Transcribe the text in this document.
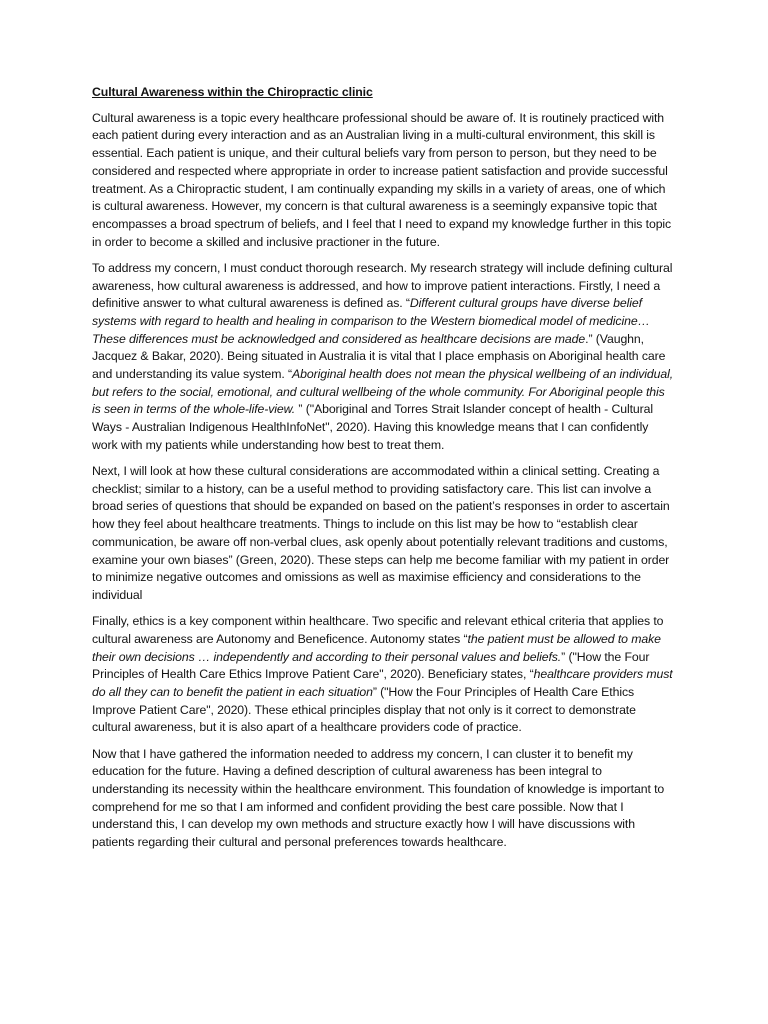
Cultural Awareness within the Chiropractic clinic

Cultural awareness is a topic every healthcare professional should be aware of. It is routinely practiced with each patient during every interaction and as an Australian living in a multi-cultural environment, this skill is essential. Each patient is unique, and their cultural beliefs vary from person to person, but they need to be considered and respected where appropriate in order to increase patient satisfaction and provide successful treatment. As a Chiropractic student, I am continually expanding my skills in a variety of areas, one of which is cultural awareness. However, my concern is that cultural awareness is a seemingly expansive topic that encompasses a broad spectrum of beliefs, and I feel that I need to expand my knowledge further in this topic in order to become a skilled and inclusive practioner in the future.

To address my concern, I must conduct thorough research. My research strategy will include defining cultural awareness, how cultural awareness is addressed, and how to improve patient interactions. Firstly, I need a definitive answer to what cultural awareness is defined as. “Different cultural groups have diverse belief systems with regard to health and healing in comparison to the Western biomedical model of medicine… These differences must be acknowledged and considered as healthcare decisions are made.” (Vaughn, Jacquez & Bakar, 2020). Being situated in Australia it is vital that I place emphasis on Aboriginal health care and understanding its value system. “Aboriginal health does not mean the physical wellbeing of an individual, but refers to the social, emotional, and cultural wellbeing of the whole community. For Aboriginal people this is seen in terms of the whole-life-view. ” ("Aboriginal and Torres Strait Islander concept of health - Cultural Ways - Australian Indigenous HealthInfoNet", 2020). Having this knowledge means that I can confidently work with my patients while understanding how best to treat them.

Next, I will look at how these cultural considerations are accommodated within a clinical setting. Creating a checklist; similar to a history, can be a useful method to providing satisfactory care. This list can involve a broad series of questions that should be expanded on based on the patient’s responses in order to ascertain how they feel about healthcare treatments. Things to include on this list may be how to “establish clear communication, be aware off non-verbal clues, ask openly about potentially relevant traditions and customs, examine your own biases” (Green, 2020). These steps can help me become familiar with my patient in order to minimize negative outcomes and omissions as well as maximise efficiency and considerations to the individual

Finally, ethics is a key component within healthcare. Two specific and relevant ethical criteria that applies to cultural awareness are Autonomy and Beneficence. Autonomy states “the patient must be allowed to make their own decisions … independently and according to their personal values and beliefs.” ("How the Four Principles of Health Care Ethics Improve Patient Care", 2020). Beneficiary states, “healthcare providers must do all they can to benefit the patient in each situation” ("How the Four Principles of Health Care Ethics Improve Patient Care", 2020). These ethical principles display that not only is it correct to demonstrate cultural awareness, but it is also apart of a healthcare providers code of practice.

Now that I have gathered the information needed to address my concern, I can cluster it to benefit my education for the future. Having a defined description of cultural awareness has been integral to understanding its necessity within the healthcare environment. This foundation of knowledge is important to comprehend for me so that I am informed and confident providing the best care possible. Now that I understand this, I can develop my own methods and structure exactly how I will have discussions with patients regarding their cultural and personal preferences towards healthcare.
